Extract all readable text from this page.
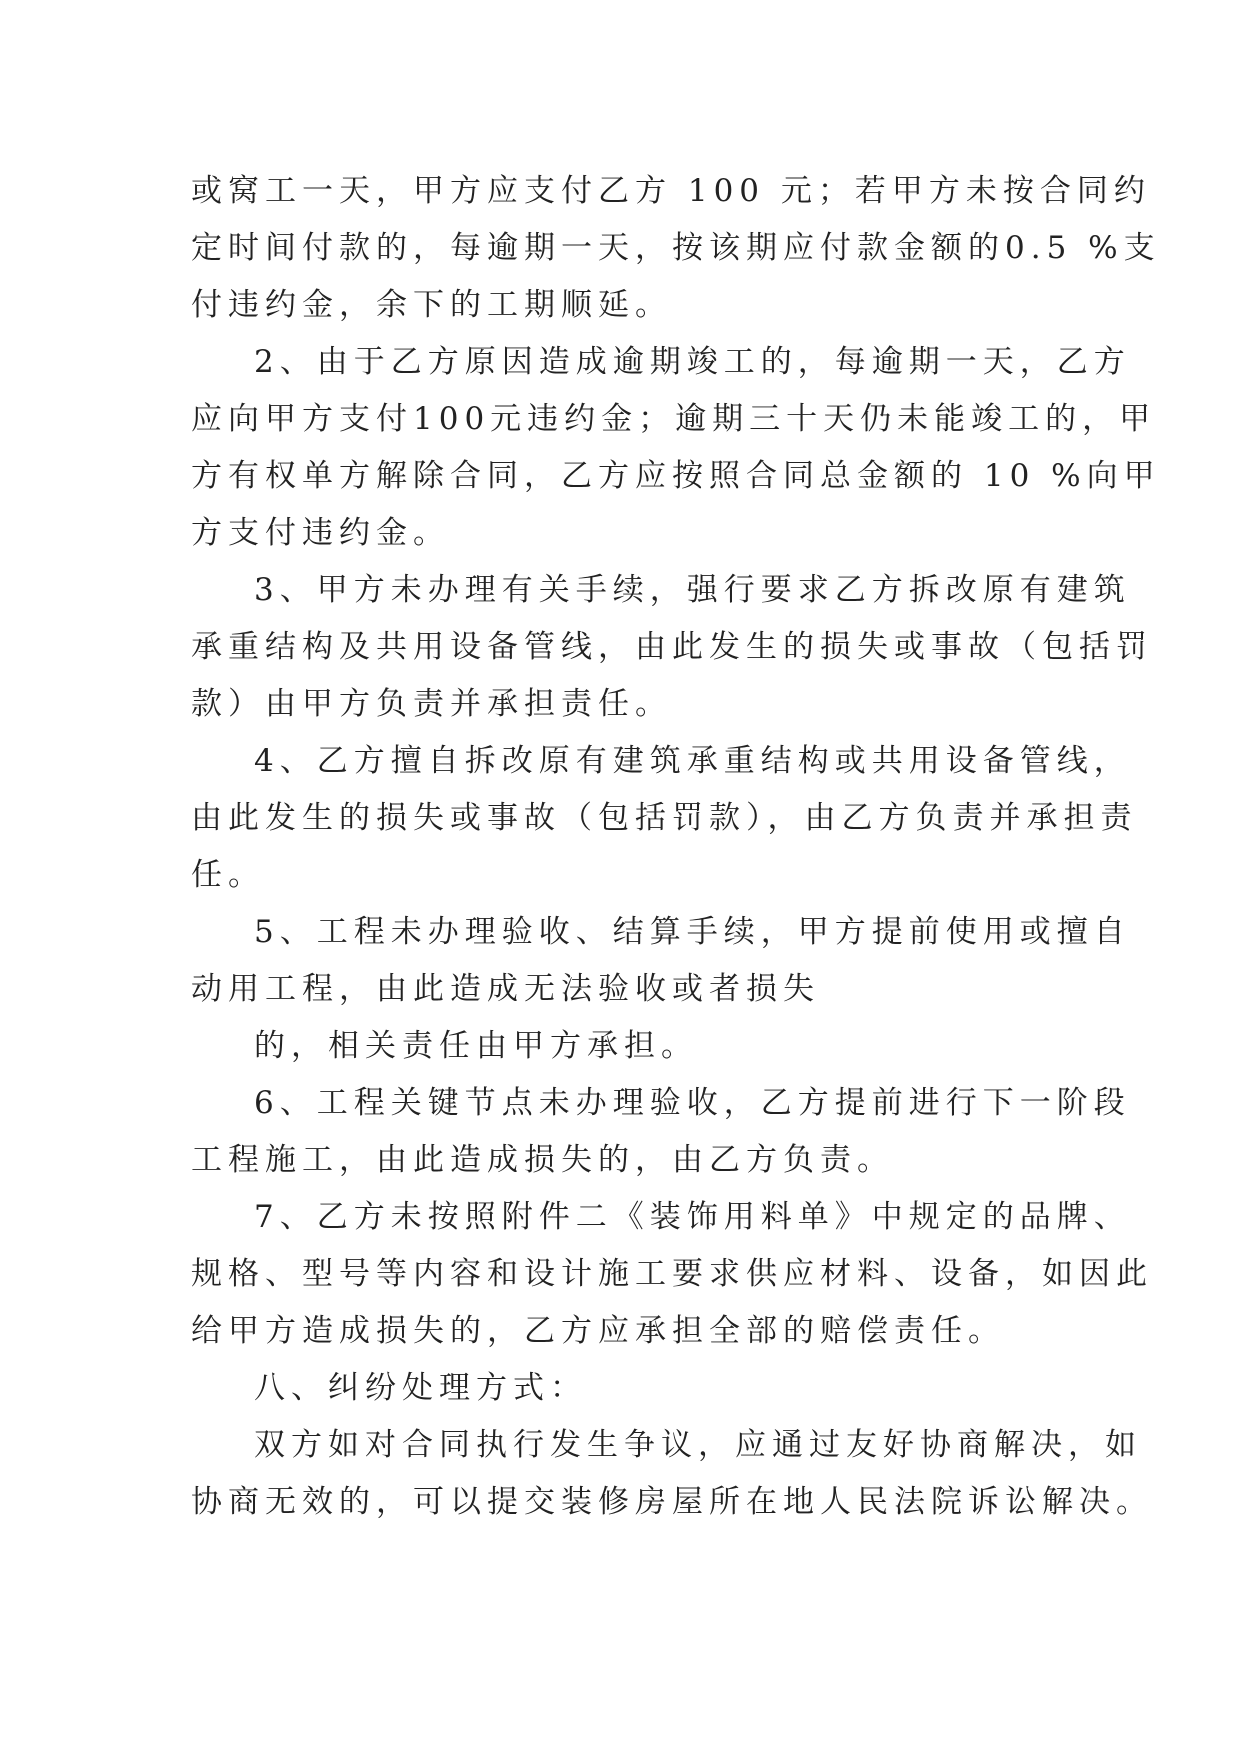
或窝工一天，甲方应支付乙方 100 元；若甲方未按合同约
定时间付款的，每逾期一天，按该期应付款金额的0.5 %支
付违约金，余下的工期顺延。
2、由于乙方原因造成逾期竣工的，每逾期一天，乙方
应向甲方支付100元违约金；逾期三十天仍未能竣工的，甲
方有权单方解除合同，乙方应按照合同总金额的 10 %向甲
方支付违约金。
3、甲方未办理有关手续，强行要求乙方拆改原有建筑
承重结构及共用设备管线，由此发生的损失或事故（包括罚
款）由甲方负责并承担责任。
4、乙方擅自拆改原有建筑承重结构或共用设备管线，
由此发生的损失或事故（包括罚款），由乙方负责并承担责
任。
5、工程未办理验收、结算手续，甲方提前使用或擅自
动用工程，由此造成无法验收或者损失
的，相关责任由甲方承担。
6、工程关键节点未办理验收，乙方提前进行下一阶段
工程施工，由此造成损失的，由乙方负责。
7、乙方未按照附件二《装饰用料单》中规定的品牌、
规格、型号等内容和设计施工要求供应材料、设备，如因此
给甲方造成损失的，乙方应承担全部的赔偿责任。
八、纠纷处理方式：
双方如对合同执行发生争议，应通过友好协商解决，如
协商无效的，可以提交装修房屋所在地人民法院诉讼解决。
